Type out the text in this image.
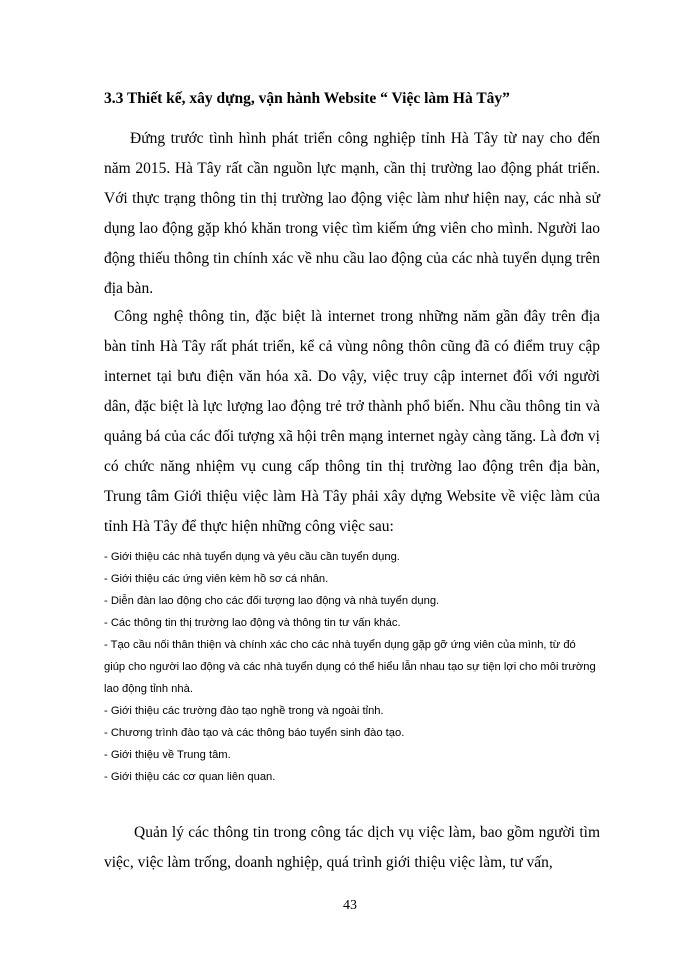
3.3 Thiết kế, xây dựng, vận hành Website “ Việc làm Hà Tây”

Đứng trước tình hình phát triển công nghiệp tỉnh Hà Tây từ nay cho đến năm 2015. Hà Tây rất cần nguồn lực mạnh, cần thị trường lao động phát triển. Với thực trạng thông tin thị trường lao động việc làm như hiện nay, các nhà sử dụng lao động gặp khó khăn trong việc tìm kiếm ứng viên cho mình. Người lao động thiếu thông tin chính xác về nhu cầu lao động của các nhà tuyển dụng trên địa bàn.

Công nghệ thông tin, đặc biệt là internet trong những năm gần đây trên địa bàn tỉnh Hà Tây rất phát triển, kể cả vùng nông thôn cũng đã có điểm truy cập internet tại bưu điện văn hóa xã. Do vậy, việc truy cập internet đối với người dân, đặc biệt là lực lượng lao động trẻ trở thành phổ biến. Nhu cầu thông tin và quảng bá của các đối tượng xã hội trên mạng internet ngày càng tăng. Là đơn vị có chức năng nhiệm vụ cung cấp thông tin thị trường lao động trên địa bàn, Trung tâm Giới thiệu việc làm Hà Tây phải xây dựng Website về việc làm của tỉnh Hà Tây để thực hiện những công việc sau:

- Giới thiệu các nhà tuyển dụng và yêu cầu cần tuyển dụng.
- Giới thiệu các ứng viên kèm hồ sơ cá nhân.
- Diễn đàn lao động cho các đối tượng lao động và nhà tuyển dụng.
- Các thông tin thị trường lao động và thông tin tư vấn khác.
- Tạo cầu nối thân thiện và chính xác cho các nhà tuyển dụng gặp gỡ ứng viên của mình, từ đó giúp cho người lao động và các nhà tuyển dụng có thể hiểu lẫn nhau tạo sự tiện lợi cho môi trường lao động tỉnh nhà.
- Giới thiệu các trường đào tạo nghề trong và ngoài tỉnh.
- Chương trình đào tạo và các thông báo tuyển sinh đào tạo.
- Giới thiệu về Trung tâm.
- Giới thiệu các cơ quan liên quan.

Quản lý các thông tin trong công tác dịch vụ việc làm, bao gồm người tìm việc, việc làm trống, doanh nghiệp, quá trình giới thiệu việc làm, tư vấn,

43
